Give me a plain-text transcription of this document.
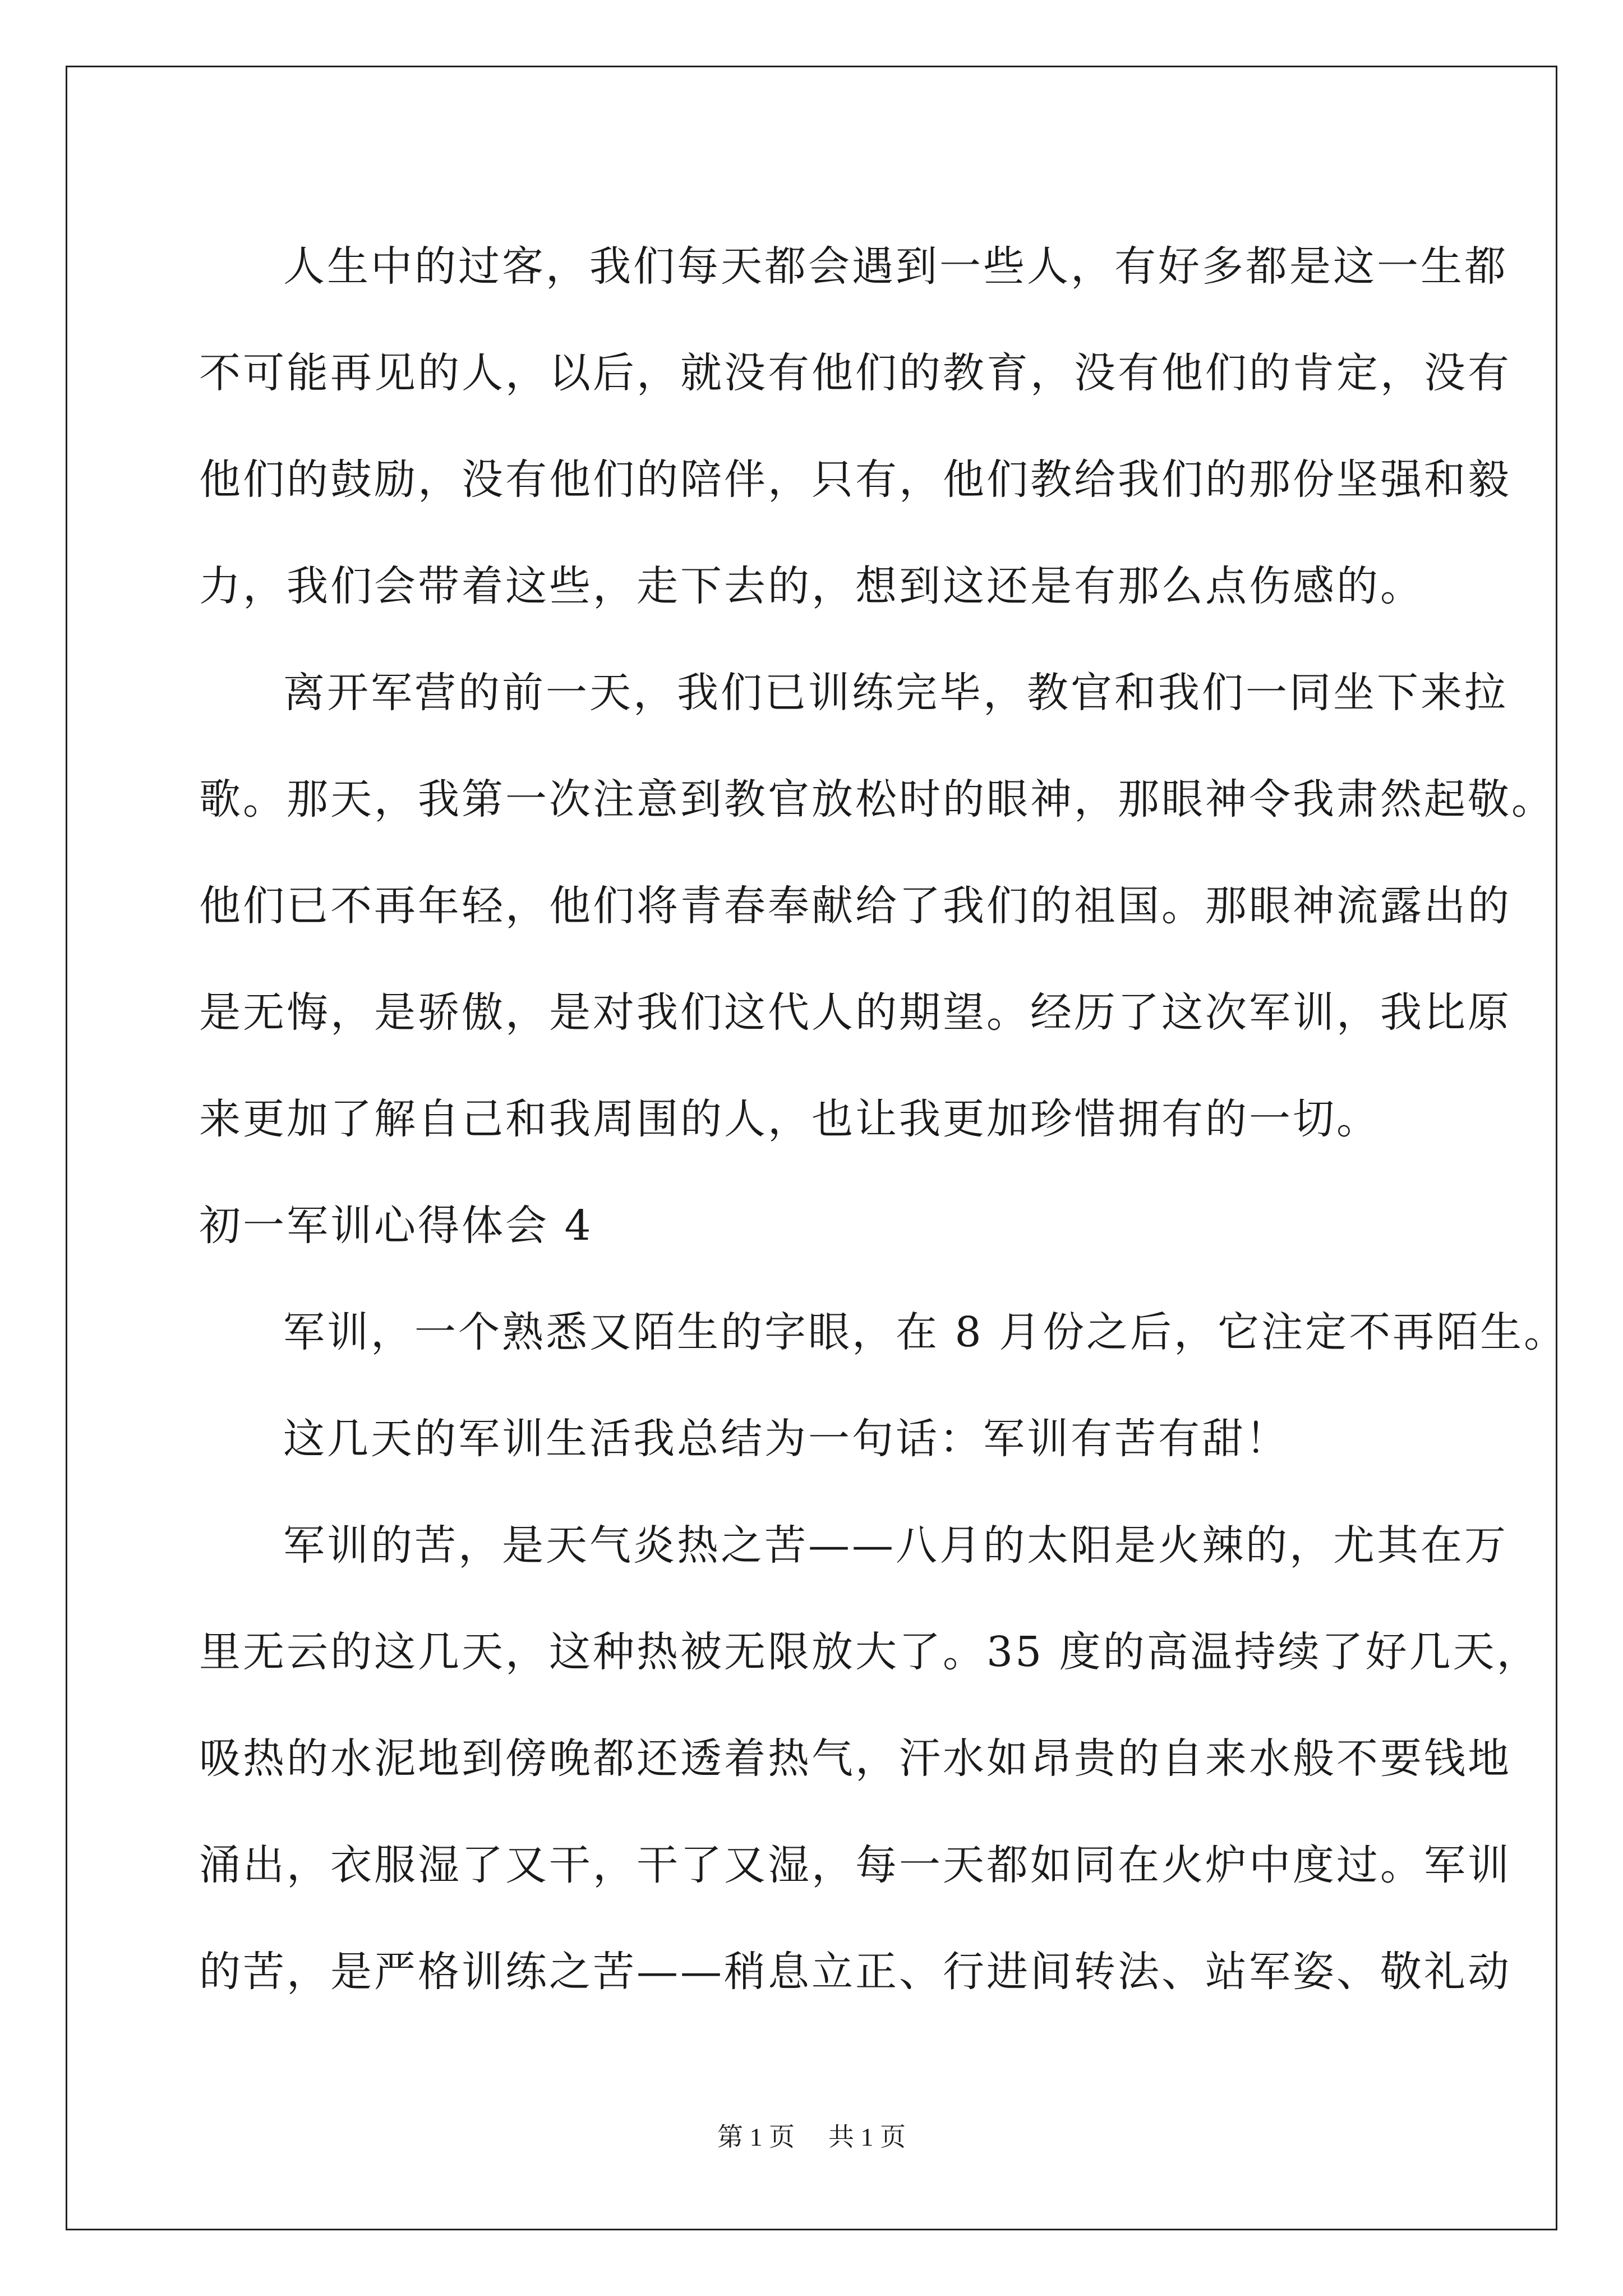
人生中的过客，我们每天都会遇到一些人，有好多都是这一生都
不可能再见的人，以后，就没有他们的教育，没有他们的肯定，没有
他们的鼓励，没有他们的陪伴，只有，他们教给我们的那份坚强和毅
力，我们会带着这些，走下去的，想到这还是有那么点伤感的。
离开军营的前一天，我们已训练完毕，教官和我们一同坐下来拉
歌。那天，我第一次注意到教官放松时的眼神，那眼神令我肃然起敬。
他们已不再年轻，他们将青春奉献给了我们的祖国。那眼神流露出的
是无悔，是骄傲，是对我们这代人的期望。经历了这次军训，我比原
来更加了解自己和我周围的人，也让我更加珍惜拥有的一切。
初一军训心得体会 4
军训，一个熟悉又陌生的字眼，在 8 月份之后，它注定不再陌生。
这几天的军训生活我总结为一句话：军训有苦有甜！
军训的苦，是天气炎热之苦——八月的太阳是火辣的，尤其在万
里无云的这几天，这种热被无限放大了。35 度的高温持续了好几天，
吸热的水泥地到傍晚都还透着热气，汗水如昂贵的自来水般不要钱地
涌出，衣服湿了又干，干了又湿，每一天都如同在火炉中度过。军训
的苦，是严格训练之苦——稍息立正、行进间转法、站军姿、敬礼动
第 1 页 共 1 页
